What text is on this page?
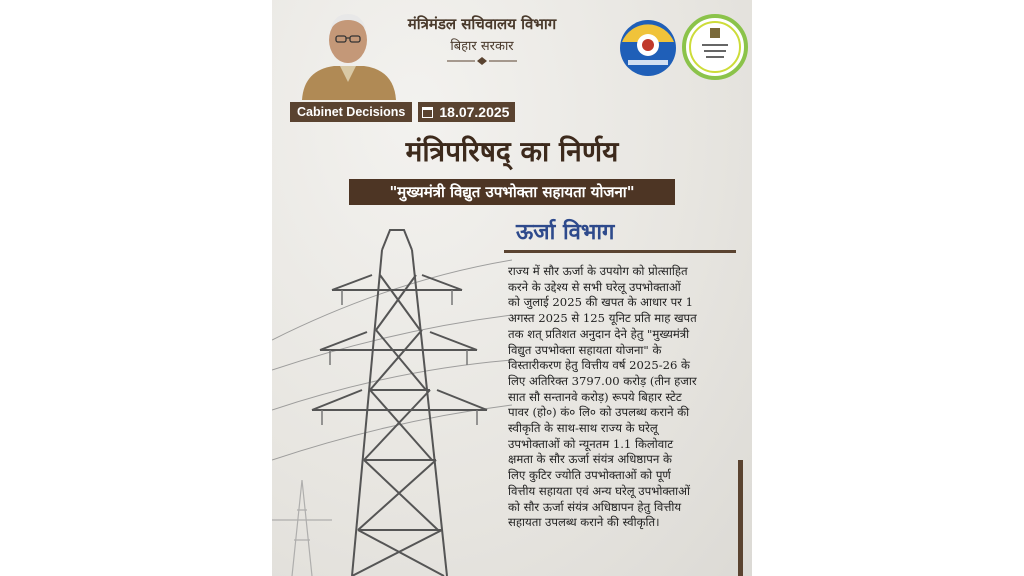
मंत्रिमंडल सचिवालय विभाग
बिहार सरकार
Cabinet Decisions	18.07.2025
मंत्रिपरिषद् का निर्णय
"मुख्यमंत्री विद्युत उपभोक्ता सहायता योजना"
ऊर्जा विभाग
राज्य में सौर ऊर्जा के उपयोग को प्रोत्साहित
करने के उद्देश्य से सभी घरेलू उपभोक्ताओं
को जुलाई 2025 की खपत के आधार पर 1
अगस्त 2025 से 125 यूनिट प्रति माह खपत
तक शत् प्रतिशत अनुदान देने हेतु "मुख्यमंत्री
विद्युत उपभोक्ता सहायता योजना" के
विस्तारीकरण हेतु वित्तीय वर्ष 2025-26 के
लिए अतिरिक्त 3797.00 करोड़ (तीन हजार
सात सौ सन्तानवे करोड़) रूपये बिहार स्टेट
पावर (हो०) कं० लि० को उपलब्ध कराने की
स्वीकृति के साथ-साथ राज्य के घरेलू
उपभोक्ताओं को न्यूनतम 1.1 किलोवाट
क्षमता के सौर ऊर्जा संयंत्र अधिष्ठापन के
लिए कुटिर ज्योति उपभोक्ताओं को पूर्ण
वित्तीय सहायता एवं अन्य घरेलू उपभोक्ताओं
को सौर ऊर्जा संयंत्र अधिष्ठापन हेतु वित्तीय
सहायता उपलब्ध कराने की स्वीकृति।
